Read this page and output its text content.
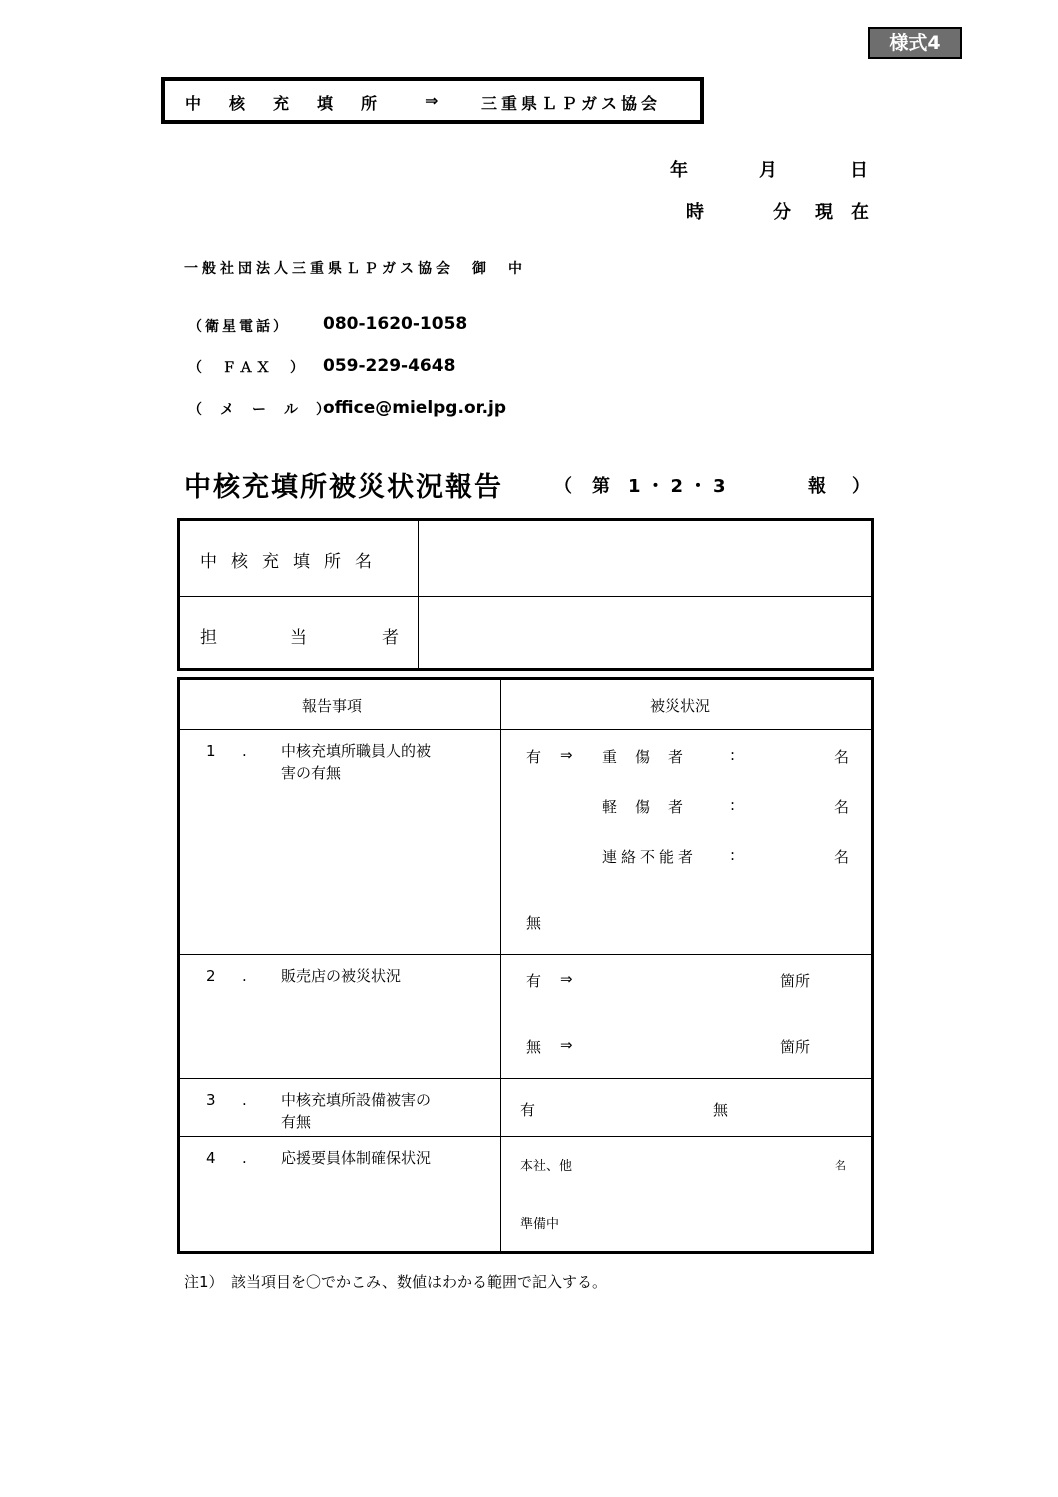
様式4
中　核　充　填　所	⇒	三重県ＬＰガス協会
年	月	日
時	分 現 在
一般社団法人三重県ＬＰガス協会　御　中
（衛星電話） 080-1620-1058
（　ＦＡＸ　） 059-229-4648
（　メ　ー　ル　）
office@mielpg.or.jp
中核充填所被災状況報告	（ 第 1・2・3	報 ）
中核充填所名
担	当	者
報告事項	被災状況
1 . 中核充填所職員人的被
害の有無
有 ⇒ 重傷者 :	名
軽傷者 :	名
連絡不能者 :	名
無
2 . 販売店の被災状況	有 ⇒	箇所
無 ⇒	箇所
3 . 中核充填所設備被害の
有無
有	無
4 . 応援要員体制確保状況	本社、他	名
準備中
注1）　該当項目を〇でかこみ、数値はわかる範囲で記入する。
